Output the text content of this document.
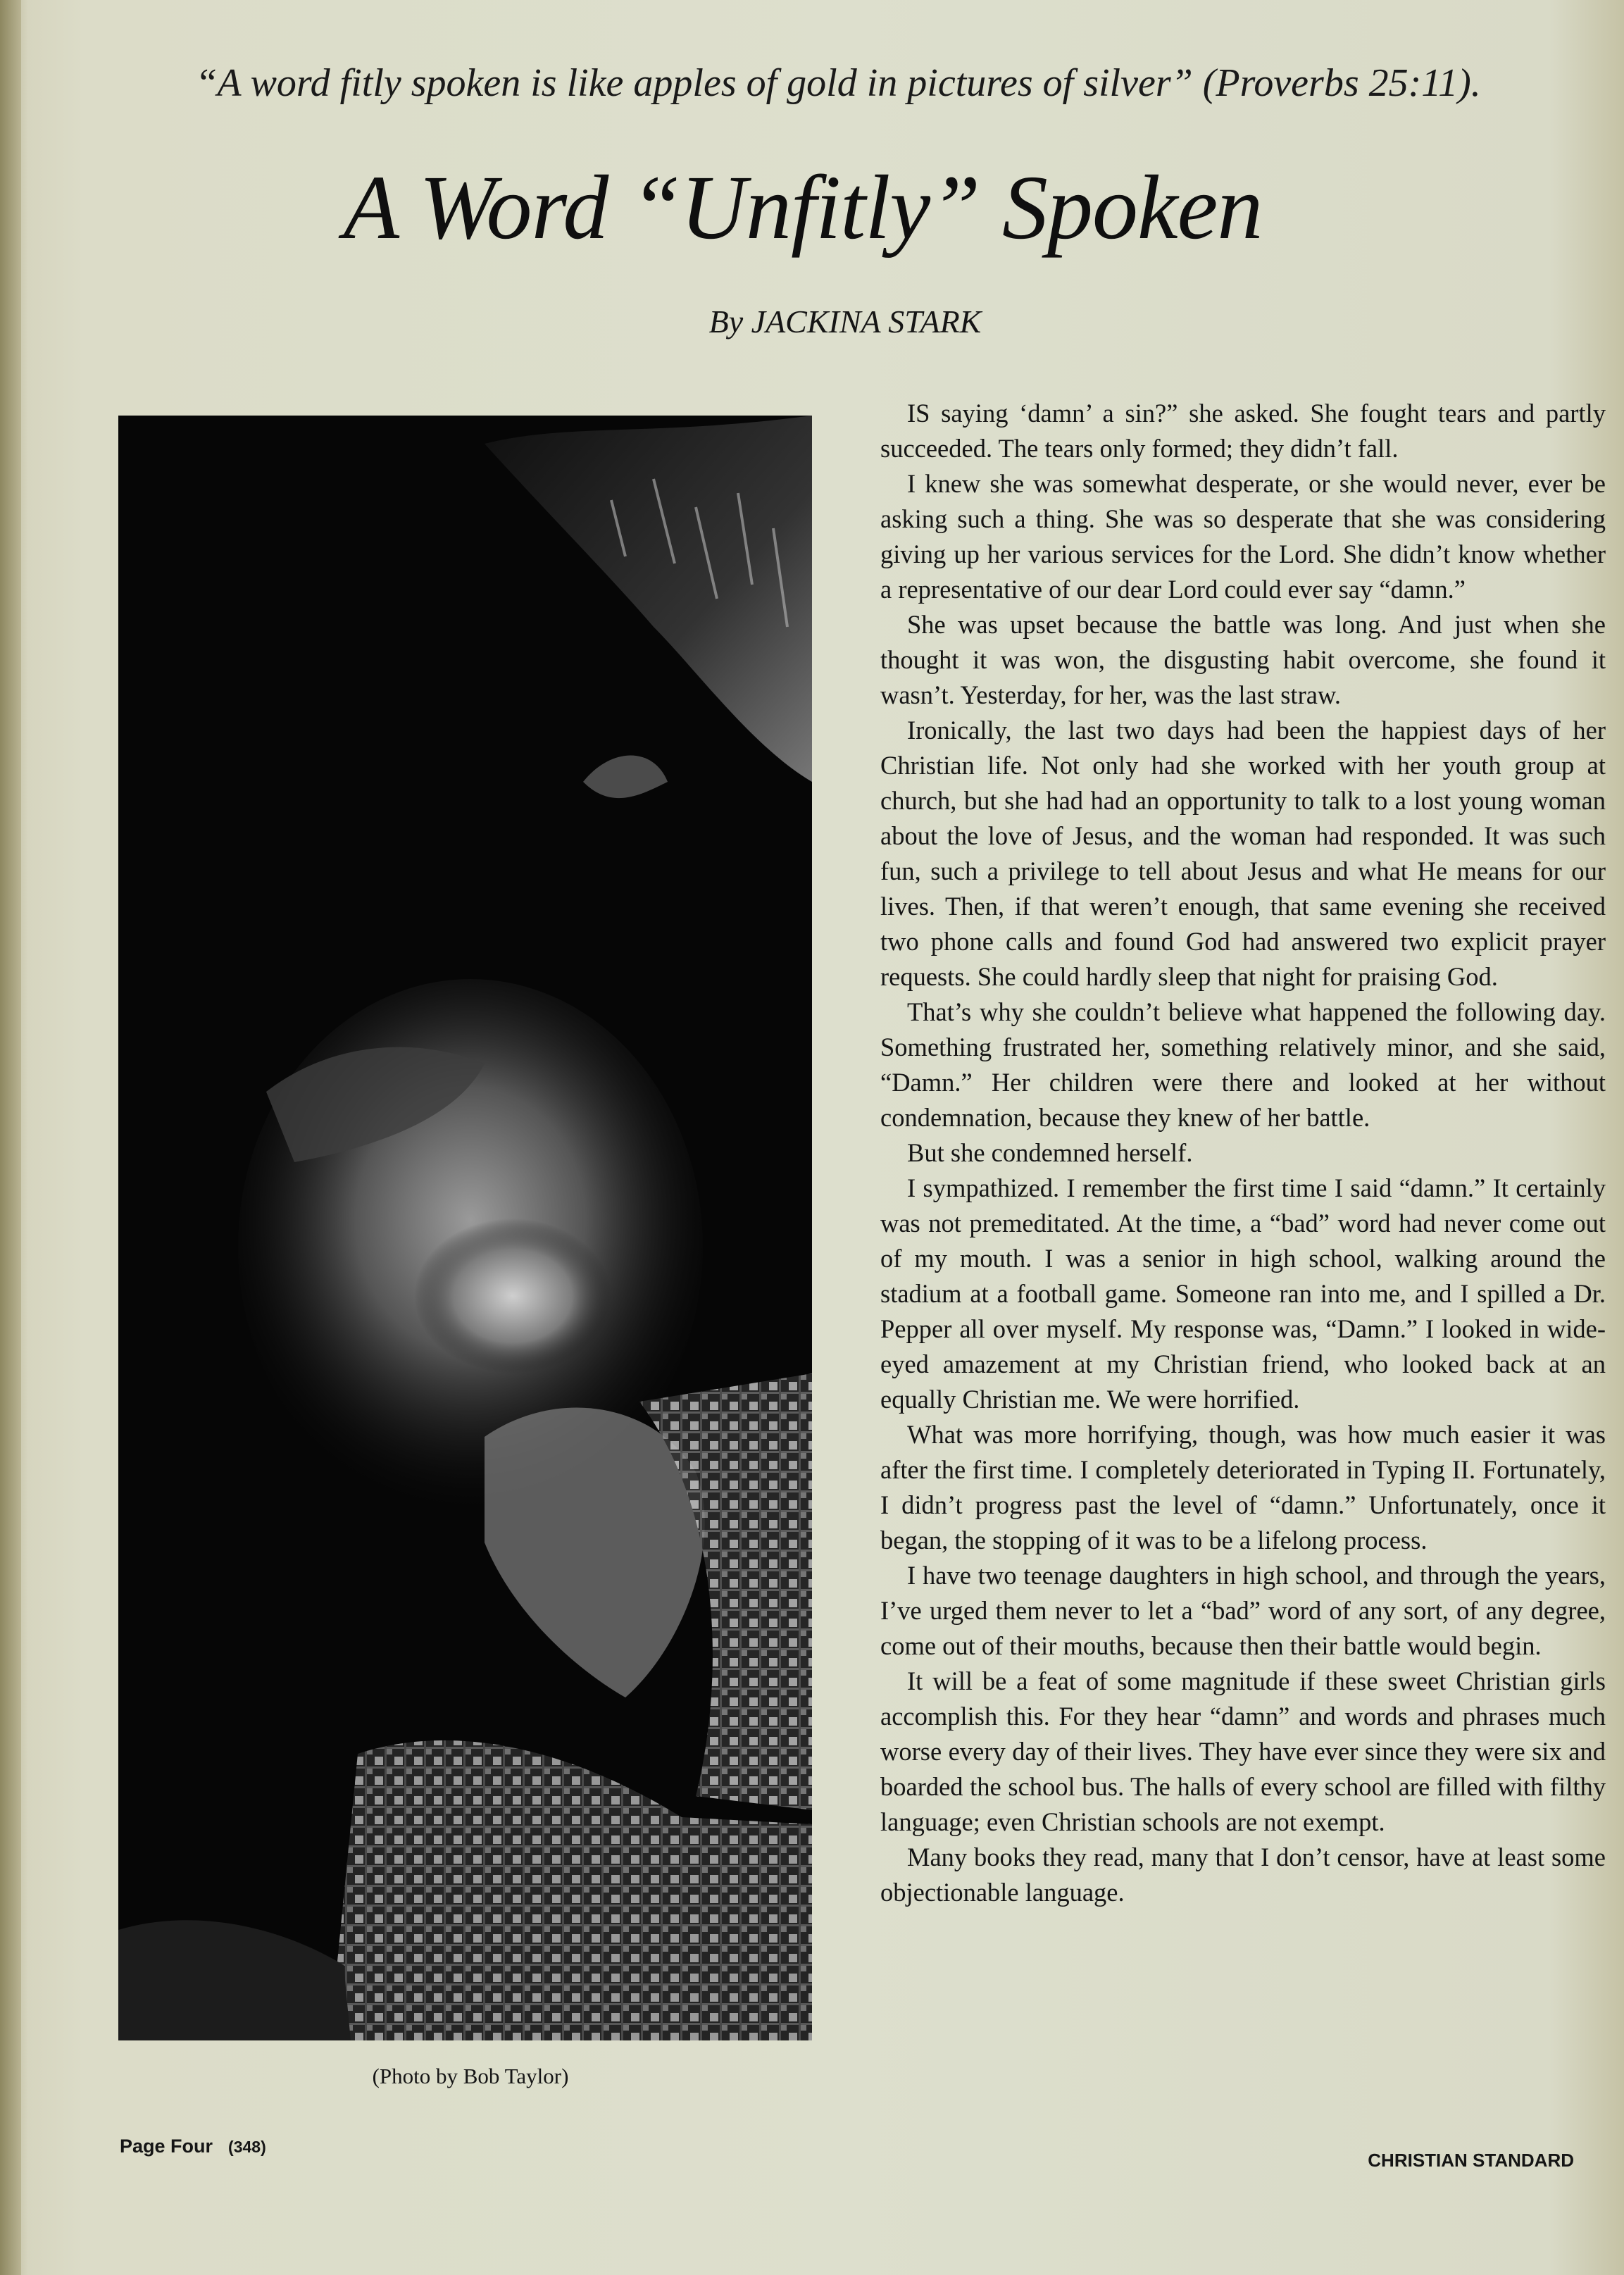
“A word fitly spoken is like apples of gold in pictures of silver” (Proverbs 25:11).
A Word “Unfitly” Spoken
By JACKINA STARK
(Photo by Bob Taylor)

IS saying ‘damn’ a sin?” she asked. She fought tears and partly succeeded. The tears only formed; they didn’t fall.

I knew she was somewhat desperate, or she would never, ever be asking such a thing. She was so desperate that she was considering giving up her various services for the Lord. She didn’t know whether a representative of our dear Lord could ever say “damn.”

She was upset because the battle was long. And just when she thought it was won, the disgusting habit overcome, she found it wasn’t. Yesterday, for her, was the last straw.

Ironically, the last two days had been the happiest days of her Christian life. Not only had she worked with her youth group at church, but she had had an opportunity to talk to a lost young woman about the love of Jesus, and the woman had responded. It was such fun, such a privilege to tell about Jesus and what He means for our lives. Then, if that weren’t enough, that same evening she received two phone calls and found God had answered two explicit prayer requests. She could hardly sleep that night for praising God.

That’s why she couldn’t believe what happened the following day. Something frustrated her, something relatively minor, and she said, “Damn.” Her children were there and looked at her without condemnation, because they knew of her battle.

But she condemned herself.

I sympathized. I remember the first time I said “damn.” It certainly was not premeditated. At the time, a “bad” word had never come out of my mouth. I was a senior in high school, walking around the stadium at a football game. Someone ran into me, and I spilled a Dr. Pepper all over myself. My response was, “Damn.” I looked in wide-eyed amazement at my Christian friend, who looked back at an equally Christian me. We were horrified.

What was more horrifying, though, was how much easier it was after the first time. I completely deteriorated in Typing II. Fortunately, I didn’t progress past the level of “damn.” Unfortunately, once it began, the stopping of it was to be a lifelong process.

I have two teenage daughters in high school, and through the years, I’ve urged them never to let a “bad” word of any sort, of any degree, come out of their mouths, because then their battle would begin.

It will be a feat of some magnitude if these sweet Christian girls accomplish this. For they hear “damn” and words and phrases much worse every day of their lives. They have ever since they were six and boarded the school bus. The halls of every school are filled with filthy language; even Christian schools are not exempt.

Many books they read, many that I don’t censor, have at least some objectionable language.

Page Four (348)
CHRISTIAN STANDARD
